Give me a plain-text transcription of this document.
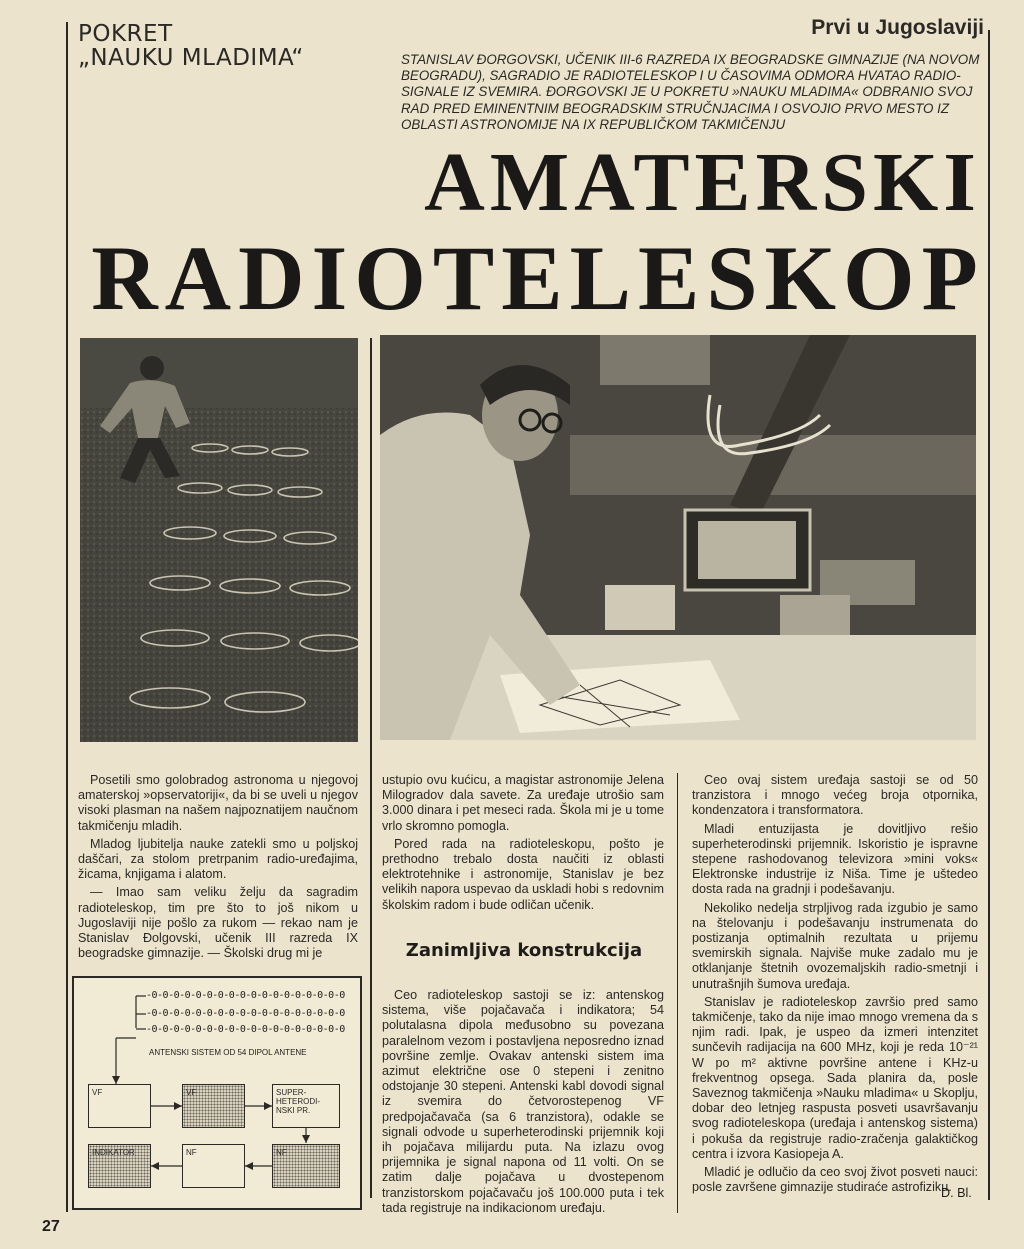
POKRET
„NAUKU MLADIMA“
Prvi u Jugoslaviji
STANISLAV ĐORGOVSKI, UČENIK III-6 RAZREDA IX BEOGRADSKE GIMNAZIJE (NA NOVOM BEOGRADU), SAGRADIO JE RADIOTELESKOP I U ČASOVIMA ODMORA HVATAO RADIO-SIGNALE IZ SVEMIRA. ĐORGOVSKI JE U POKRETU »NAUKU MLADIMA« ODBRANIO SVOJ RAD PRED EMINENTNIM BEOGRADSKIM STRUČNJACIMA I OSVOJIO PRVO MESTO IZ OBLASTI ASTRONOMIJE NA IX REPUBLIČKOM TAKMIČENJU
AMATERSKI
RADIOTELESKOP

Posetili smo golobradog astronoma u njegovoj amaterskoj »opservatoriji«, da bi se uveli u njegov visoki plasman na našem najpoznatijem naučnom takmičenju mladih.

Mladog ljubitelja nauke zatekli smo u poljskoj daščari, za stolom pretrpanim radio-uređajima, žicama, knjigama i alatom.

— Imao sam veliku želju da sagradim radioteleskop, tim pre što to još nikom u Jugoslaviji nije pošlo za rukom — rekao nam je Stanislav Đolgovski, učenik III razreda IX beogradske gimnazije. — Školski drug mi je

ustupio ovu kućicu, a magistar astronomije Jelena Milogradov dala savete. Za uređaje utrošio sam 3.000 dinara i pet meseci rada. Škola mi je u tome vrlo skromno pomogla.

Pored rada na radioteleskopu, pošto je prethodno trebalo dosta naučiti iz oblasti elektrotehnike i astronomije, Stanislav je bez velikih napora uspevao da uskladi hobi s redovnim školskim radom i bude odličan učenik.

Zanimljiva konstrukcija

Ceo radioteleskop sastoji se iz: antenskog sistema, više pojačavača i indikatora; 54 polutalasna dipola međusobno su povezana paralelnom vezom i postavljena neposredno iznad površine zemlje. Ovakav antenski sistem ima azimut električne ose 0 stepeni i zenitno odstojanje 30 stepeni. Antenski kabl dovodi signal iz svemira do četvorostepenog VF predpojačavača (sa 6 tranzistora), odakle se signali odvode u superheterodinski prijemnik koji ih pojačava milijardu puta. Na izlazu ovog prijemnika je signal napona od 11 volti. On se zatim dalje pojačava u dvostepenom tranzistorskom pojačavaču još 100.000 puta i tek tada registruje na indikacionom uređaju.

Ceo ovaj sistem uređaja sastoji se od 50 tranzistora i mnogo većeg broja otpornika, kondenzatora i transformatora.

Mladi entuzijasta je dovitljivo rešio superheterodinski prijemnik. Iskoristio je ispravne stepene rashodovanog televizora »mini voks« Elektronske industrije iz Niša. Time je uštedeo dosta rada na gradnji i podešavanju.

Nekoliko nedelja strpljivog rada izgubio je samo na štelovanju i podešavanju instrumenata do postizanja optimalnih rezultata u prijemu svemirskih signala. Najviše muke zadalo mu je otklanjanje štetnih ovozemaljskih radio-smetnji i unutrašnjih šumova uređaja.

Stanislav je radioteleskop završio pred samo takmičenje, tako da nije imao mnogo vremena da s njim radi. Ipak, je uspeo da izmeri intenzitet sunčevih radijacija na 600 MHz, koji je reda 10⁻²¹ W po m² aktivne površine antene i KHz-u frekventnog opsega. Sada planira da, posle Saveznog takmičenja »Nauku mladima« u Skoplju, dobar deo letnjeg raspusta posveti usavršavanju svog radioteleskopa (uređaja i antenskog sistema) i pokuša da registruje radio-zračenja galaktičkog centra i izvora Kasiopeja A.

Mladić je odlučio da ceo svoj život posveti nauci: posle završene gimnazije studiraće astrofiziku.

D. Bl.
-0-0-0-0-0-0-0-0-0-0-0-0-0-0-0-0-0-0
-0-0-0-0-0-0-0-0-0-0-0-0-0-0-0-0-0-0
-0-0-0-0-0-0-0-0-0-0-0-0-0-0-0-0-0-0
ANTENSKI SISTEM OD 54 DIPOL ANTENE
VF	VF	SUPER-HETERODI-NSKI PR.
INDIKATOR	NF	NF
27
